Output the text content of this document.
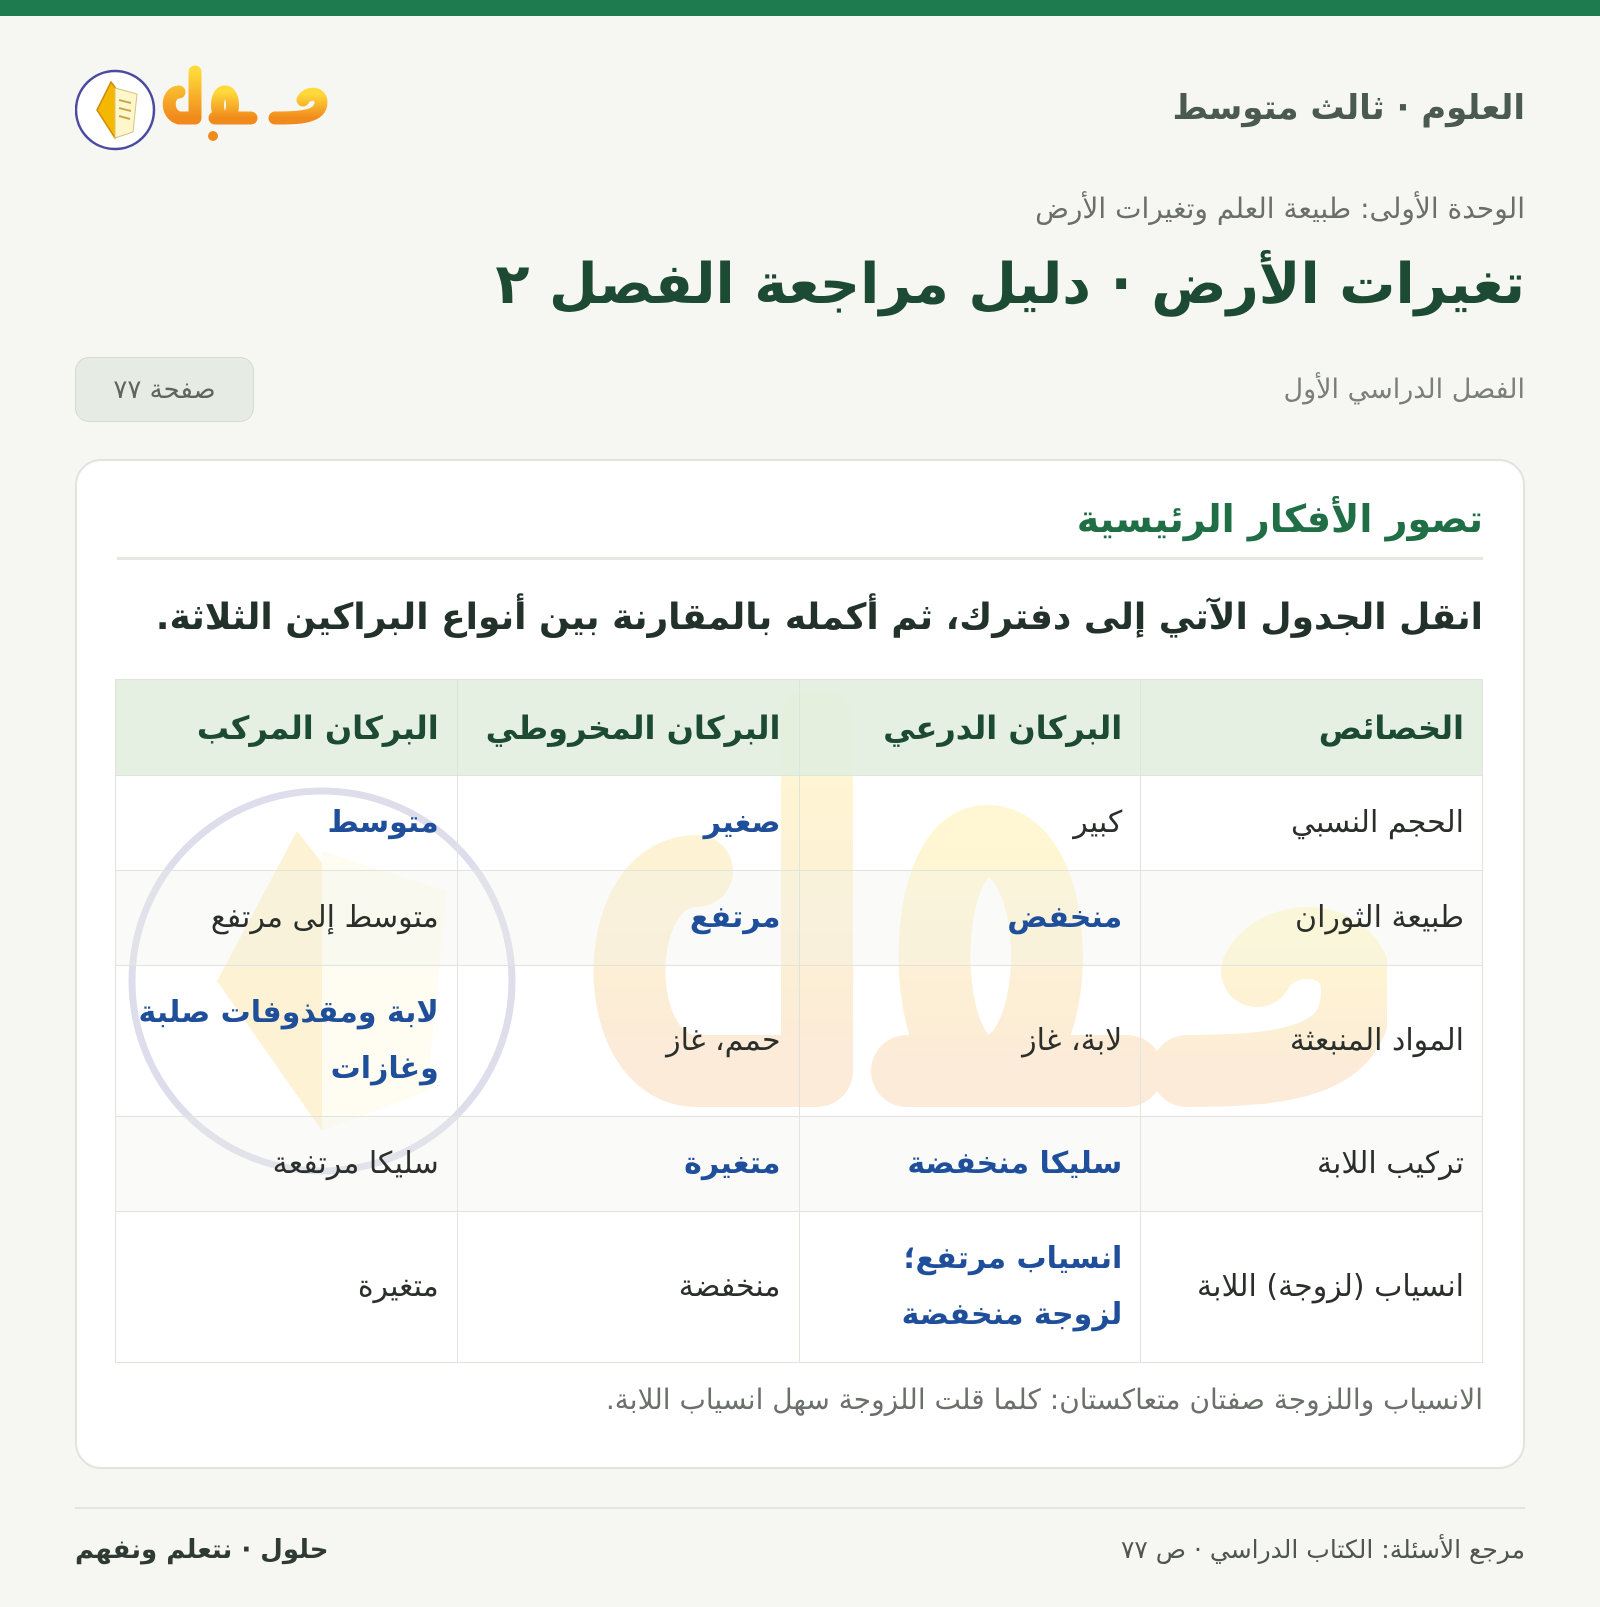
العلوم · ثالث متوسط
الوحدة الأولى: طبيعة العلم وتغيرات الأرض
تغيرات الأرض · دليل مراجعة الفصل ٢
الفصل الدراسي الأول
صفحة ٧٧
تصور الأفكار الرئيسية

انقل الجدول الآتي إلى دفترك، ثم أكمله بالمقارنة بين أنواع البراكين الثلاثة.

الخصائص	البركان الدرعي	البركان المخروطي	البركان المركب
الحجم النسبي	كبير	صغير	متوسط
طبيعة الثوران	منخفض	مرتفع	متوسط إلى مرتفع
المواد المنبعثة	لابة، غاز	حمم، غاز	لابة ومقذوفات صلبة وغازات
تركيب اللابة	سليكا منخفضة	متغيرة	سليكا مرتفعة
انسياب (لزوجة) اللابة	انسياب مرتفع؛ لزوجة منخفضة	منخفضة	متغيرة

الانسياب واللزوجة صفتان متعاكستان: كلما قلت اللزوجة سهل انسياب اللابة.

مرجع الأسئلة: الكتاب الدراسي · ص ٧٧
حلول · نتعلم ونفهم
